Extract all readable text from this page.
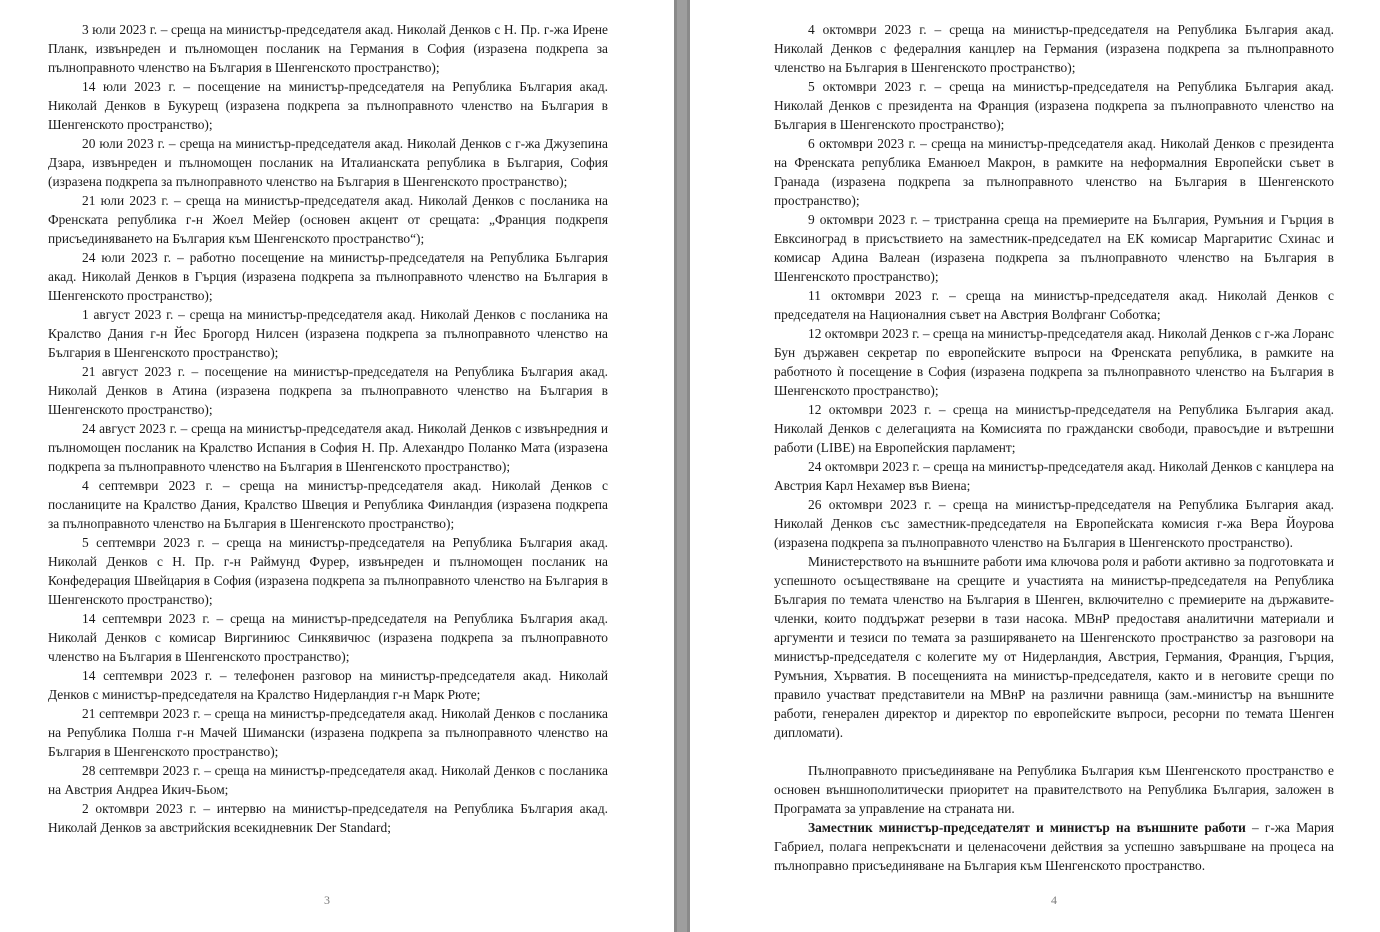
3 юли 2023 г. – среща на министър-председателя акад. Николай Денков с Н. Пр. г-жа Ирене Планк, извънреден и пълномощен посланик на Германия в София (изразена подкрепа за пълноправното членство на България в Шенгенското пространство);

14 юли 2023 г. – посещение на министър-председателя на Република България акад. Николай Денков в Букурещ (изразена подкрепа за пълноправното членство на България в Шенгенското пространство);

20 юли 2023 г. – среща на министър-председателя акад. Николай Денков с г-жа Джузепина Дзара, извънреден и пълномощен посланик на Италианската република в България, София (изразена подкрепа за пълноправното членство на България в Шенгенското пространство);

21 юли 2023 г. – среща на министър-председателя акад. Николай Денков с посланика на Френската република г-н Жоел Мейер (основен акцент от срещата: „Франция подкрепя присъединяването на България към Шенгенското пространство“);

24 юли 2023 г. – работно посещение на министър-председателя на Република България акад. Николай Денков в Гърция (изразена подкрепа за пълноправното членство на България в Шенгенското пространство);

1 август 2023 г. – среща на министър-председателя акад. Николай Денков с посланика на Кралство Дания г-н Йес Брогорд Нилсен (изразена подкрепа за пълноправното членство на България в Шенгенското пространство);

21 август 2023 г. – посещение на министър-председателя на Република България акад. Николай Денков в Атина (изразена подкрепа за пълноправното членство на България в Шенгенското пространство);

24 август 2023 г. – среща на министър-председателя акад. Николай Денков с извънредния и пълномощен посланик на Кралство Испания в София Н. Пр. Алехандро Поланко Мата (изразена подкрепа за пълноправното членство на България в Шенгенското пространство);

4 септември 2023 г. – среща на министър-председателя акад. Николай Денков с посланиците на Кралство Дания, Кралство Швеция и Република Финландия (изразена подкрепа за пълноправното членство на България в Шенгенското пространство);

5 септември 2023 г. – среща на министър-председателя на Република България акад. Николай Денков с Н. Пр. г-н Раймунд Фурер, извънреден и пълномощен посланик на Конфедерация Швейцария в София (изразена подкрепа за пълноправното членство на България в Шенгенското пространство);

14 септември 2023 г. – среща на министър-председателя на Република България акад. Николай Денков с комисар Виргиниюс Синкявичюс (изразена подкрепа за пълноправното членство на България в Шенгенското пространство);

14 септември 2023 г. – телефонен разговор на министър-председателя акад. Николай Денков с министър-председателя на Кралство Нидерландия г-н Марк Рюте;

21 септември 2023 г. – среща на министър-председателя акад. Николай Денков с посланика на Република Полша г-н Мачей Шимански (изразена подкрепа за пълноправното членство на България в Шенгенското пространство);

28 септември 2023 г. – среща на министър-председателя акад. Николай Денков с посланика на Австрия Андреа Икич-Бьом;

2 октомври 2023 г. – интервю на министър-председателя на Република България акад. Николай Денков за австрийския всекидневник Der Standard;

3

4 октомври 2023 г. – среща на министър-председателя на Република България акад. Николай Денков с федералния канцлер на Германия (изразена подкрепа за пълноправното членство на България в Шенгенското пространство);

5 октомври 2023 г. – среща на министър-председателя на Република България акад. Николай Денков с президента на Франция (изразена подкрепа за пълноправното членство на България в Шенгенското пространство);

6 октомври 2023 г. – среща на министър-председателя акад. Николай Денков с президента на Френската република Еманюел Макрон, в рамките на неформалния Европейски съвет в Гранада (изразена подкрепа за пълноправното членство на България в Шенгенското пространство);

9 октомври 2023 г. – тристранна среща на премиерите на България, Румъния и Гърция в Евксиноград в присъствието на заместник-председател на ЕК комисар Маргаритис Схинас и комисар Адина Валеан (изразена подкрепа за пълноправното членство на България в Шенгенското пространство);

11 октомври 2023 г. – среща на министър-председателя акад. Николай Денков с председателя на Националния съвет на Австрия Волфганг Соботка;

12 октомври 2023 г. – среща на министър-председателя акад. Николай Денков с г-жа Лоранс Бун държавен секретар по европейските въпроси на Френската република, в рамките на работното ѝ посещение в София (изразена подкрепа за пълноправното членство на България в Шенгенското пространство);

12 октомври 2023 г. – среща на министър-председателя на Република България акад. Николай Денков с делегацията на Комисията по граждански свободи, правосъдие и вътрешни работи (LIBE) на Европейския парламент;

24 октомври 2023 г. – среща на министър-председателя акад. Николай Денков с канцлера на Австрия Карл Нехамер във Виена;

26 октомври 2023 г. – среща на министър-председателя на Република България акад. Николай Денков със заместник-председателя на Европейската комисия г-жа Вера Йоурова (изразена подкрепа за пълноправното членство на България в Шенгенското пространство).

Министерството на външните работи има ключова роля и работи активно за подготовката и успешното осъществяване на срещите и участията на министър-председателя на Република България по темата членство на България в Шенген, включително с премиерите на държавите-членки, които поддържат резерви в тази насока. МВнР предоставя аналитични материали и аргументи и тезиси по темата за разширяването на Шенгенското пространство за разговори на министър-председателя с колегите му от Нидерландия, Австрия, Германия, Франция, Гърция, Румъния, Хърватия. В посещенията на министър-председателя, както и в неговите срещи по правило участват представители на МВнР на различни равнища (зам.-министър на външните работи, генерален директор и директор по европейските въпроси, ресорни по темата Шенген дипломати).

Пълноправното присъединяване на Република България към Шенгенското пространство е основен външнополитически приоритет на правителството на Република България, заложен в Програмата за управление на страната ни.

Заместник министър-председателят и министър на външните работи – г-жа Мария Габриел, полага непрекъснати и целенасочени действия за успешно завършване на процеса на пълноправно присъединяване на България към Шенгенското пространство.

4
